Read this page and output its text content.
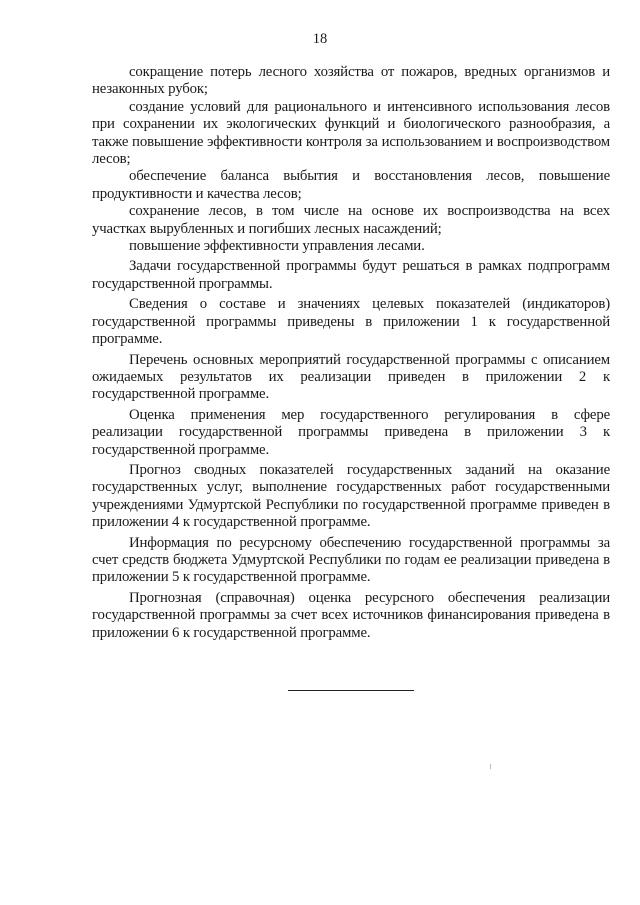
18

сокращение потерь лесного хозяйства от пожаров, вредных организмов и незаконных рубок;

создание условий для рационального и интенсивного использования лесов при сохранении их экологических функций и биологического разнообразия, а также повышение эффективности контроля за использованием и воспроизводством лесов;

обеспечение баланса выбытия и восстановления лесов, повышение продуктивности и качества лесов;

сохранение лесов, в том числе на основе их воспроизводства на всех участках вырубленных и погибших лесных насаждений;

повышение эффективности управления лесами.

Задачи государственной программы будут решаться в рамках подпрограмм государственной программы.

Сведения о составе и значениях целевых показателей (индикаторов) государственной программы приведены в приложении 1 к государственной программе.

Перечень основных мероприятий государственной программы с описанием ожидаемых результатов их реализации приведен в приложении 2 к государственной программе.

Оценка применения мер государственного регулирования в сфере реализации государственной программы приведена в приложении 3 к государственной программе.

Прогноз сводных показателей государственных заданий на оказание государственных услуг, выполнение государственных работ государственными учреждениями Удмуртской Республики по государственной программе приведен в приложении 4 к государственной программе.

Информация по ресурсному обеспечению государственной программы за счет средств бюджета Удмуртской Республики по годам ее реализации приведена в приложении 5 к государственной программе.

Прогнозная (справочная) оценка ресурсного обеспечения реализации государственной программы за счет всех источников финансирования приведена в приложении 6 к государственной программе.
